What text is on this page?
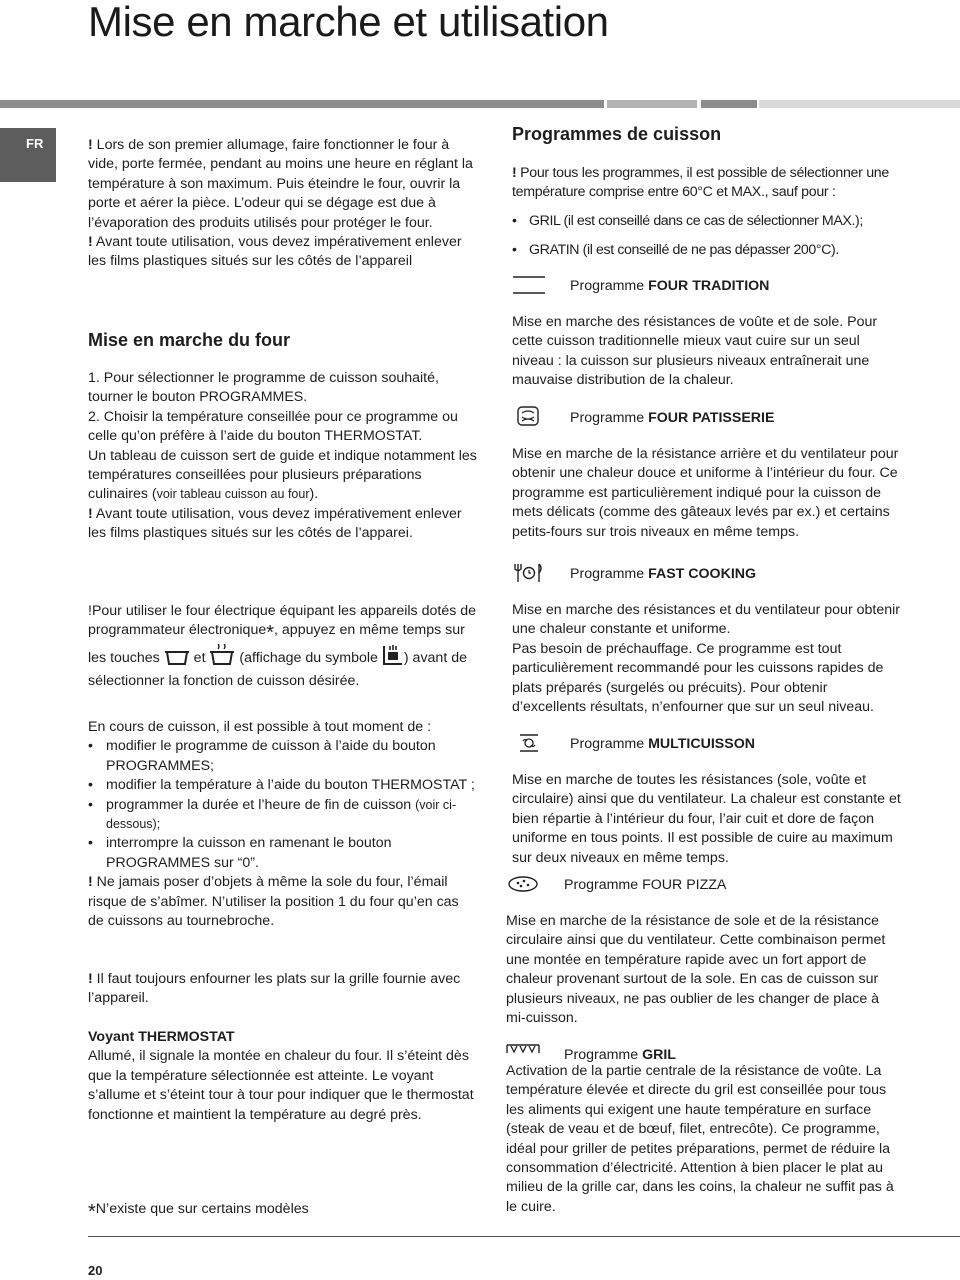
Mise en marche et utilisation
FR	! Lors de son premier allumage, faire fonctionner le four à vide, porte fermée, pendant au moins une heure en réglant la température à son maximum. Puis éteindre le four, ouvrir la porte et aérer la pièce. L’odeur qui se dégage est due à l’évaporation des produits utilisés pour protéger le four.

! Avant toute utilisation, vous devez impérativement enlever les films plastiques situés sur les côtés de l’appareil

Mise en marche du four

1. Pour sélectionner le programme de cuisson souhaité, tourner le bouton PROGRAMMES.

2. Choisir la température conseillée pour ce programme ou celle qu’on préfère à l’aide du bouton THERMOSTAT.

Un tableau de cuisson sert de guide et indique notamment les températures conseillées pour plusieurs préparations culinaires (voir tableau cuisson au four).

! Avant toute utilisation, vous devez impérativement enlever les films plastiques situés sur les côtés de l’apparei.

!Pour utiliser le four électrique équipant les appareils dotés de programmateur électronique*, appuyez en même temps sur les touches  et  (affichage du symbole ) avant de sélectionner la fonction de cuisson désirée.

En cours de cuisson, il est possible à tout moment de :

• modifier le programme de cuisson à l’aide du bouton PROGRAMMES;
• modifier la température à l’aide du bouton THERMOSTAT ;
• programmer la durée et l’heure de fin de cuisson (voir ci-dessous);
• interrompre la cuisson en ramenant le bouton PROGRAMMES sur “0”.

! Ne jamais poser d’objets à même la sole du four, l’émail risque de s’abîmer. N’utiliser la position 1 du four qu’en cas de cuissons au tournebroche.

! Il faut toujours enfourner les plats sur la grille fournie avec l’appareil.

Voyant THERMOSTAT

Allumé, il signale la montée en chaleur du four. Il s’éteint dès que la température sélectionnée est atteinte. Le voyant s’allume et s’éteint tour à tour pour indiquer que le thermostat fonctionne et maintient la température au degré près.

*N’existe que sur certains modèles

Programmes de cuisson

! Pour tous les programmes, il est possible de sélectionner une température comprise entre 60°C et MAX., sauf pour :

• GRIL (il est conseillé dans ce cas de sélectionner MAX.);

• GRATIN (il est conseillé de ne pas dépasser 200°C).

Programme FOUR TRADITION
Mise en marche des résistances de voûte et de sole. Pour cette cuisson traditionnelle mieux vaut cuire sur un seul niveau : la cuisson sur plusieurs niveaux entraînerait une mauvaise distribution de la chaleur.
Programme FOUR PATISSERIE
Mise en marche de la résistance arrière et du ventilateur pour obtenir une chaleur douce et uniforme à l’intérieur du four. Ce programme est particulièrement indiqué pour la cuisson de mets délicats (comme des gâteaux levés par ex.) et certains petits-fours sur trois niveaux en même temps.
Programme FAST COOKING
Mise en marche des résistances et du ventilateur pour obtenir une chaleur constante et uniforme.
Pas besoin de préchauffage. Ce programme est tout particulièrement recommandé pour les cuissons rapides de plats préparés (surgelés ou précuits). Pour obtenir d’excellents résultats, n’enfourner que sur un seul niveau.
Programme MULTICUISSON
Mise en marche de toutes les résistances (sole, voûte et circulaire) ainsi que du ventilateur. La chaleur est constante et bien répartie à l’intérieur du four, l’air cuit et dore de façon uniforme en tous points. Il est possible de cuire au maximum sur deux niveaux en même temps.
Programme FOUR PIZZA
Mise en marche de la résistance de sole et de la résistance circulaire ainsi que du ventilateur. Cette combinaison permet une montée en température rapide avec un fort apport de chaleur provenant surtout de la sole. En cas de cuisson sur plusieurs niveaux, ne pas oublier de les changer de place à mi-cuisson.
Programme GRIL
Activation de la partie centrale de la résistance de voûte. La température élevée et directe du gril est conseillée pour tous les aliments qui exigent une haute température en surface (steak de veau et de bœuf, filet, entrecôte). Ce programme, idéal pour griller de petites préparations, permet de réduire la consommation d’électricité. Attention à bien placer le plat au milieu de la grille car, dans les coins, la chaleur ne suffit pas à le cuire.
20
